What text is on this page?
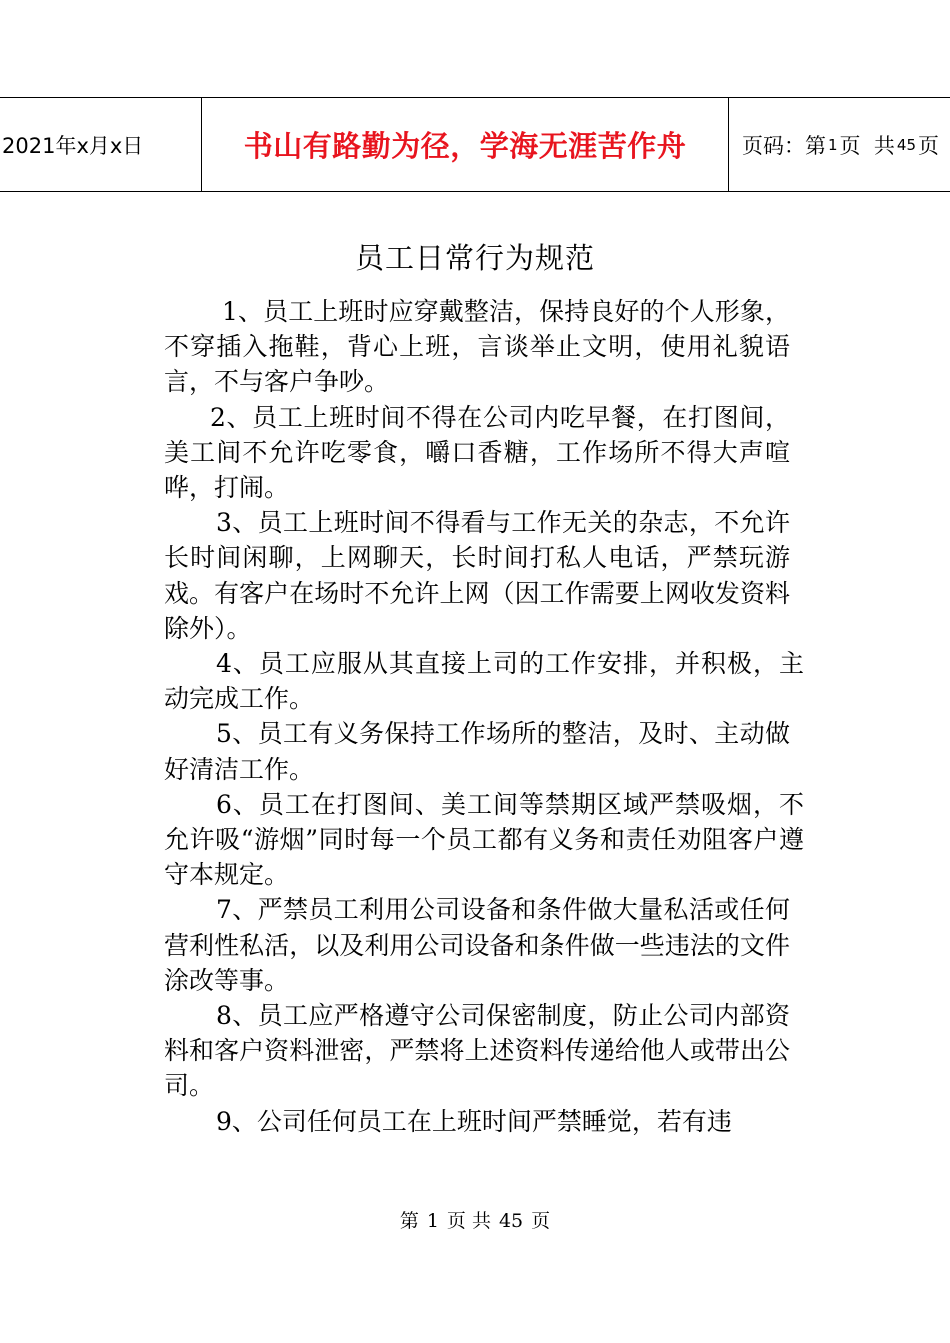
2021年x月x日	书山有路勤为径，学海无涯苦作舟	页码：第 1 页
共 45 页
员工日常行为规范

1、员工上班时应穿戴整洁，保持良好的个人形象，不穿插入拖鞋，背心上班，言谈举止文明，使用礼貌语言，不与客户争吵。

2、员工上班时间不得在公司内吃早餐，在打图间，美工间不允许吃零食，嚼口香糖，工作场所不得大声喧哗，打闹。

3、员工上班时间不得看与工作无关的杂志，不允许长时间闲聊，上网聊天，长时间打私人电话，严禁玩游戏。有客户在场时不允许上网（因工作需要上网收发资料除外）。

4、员工应服从其直接上司的工作安排，并积极，主动完成工作。

5、员工有义务保持工作场所的整洁，及时、主动做好清洁工作。

6、员工在打图间、美工间等禁期区域严禁吸烟，不允许吸“游烟”同时每一个员工都有义务和责任劝阻客户遵守本规定。

7、严禁员工利用公司设备和条件做大量私活或任何营利性私活，以及利用公司设备和条件做一些违法的文件涂改等事。

8、员工应严格遵守公司保密制度，防止公司内部资料和客户资料泄密，严禁将上述资料传递给他人或带出公司。

9、公司任何员工在上班时间严禁睡觉，若有违

第 1 页 共 45 页
